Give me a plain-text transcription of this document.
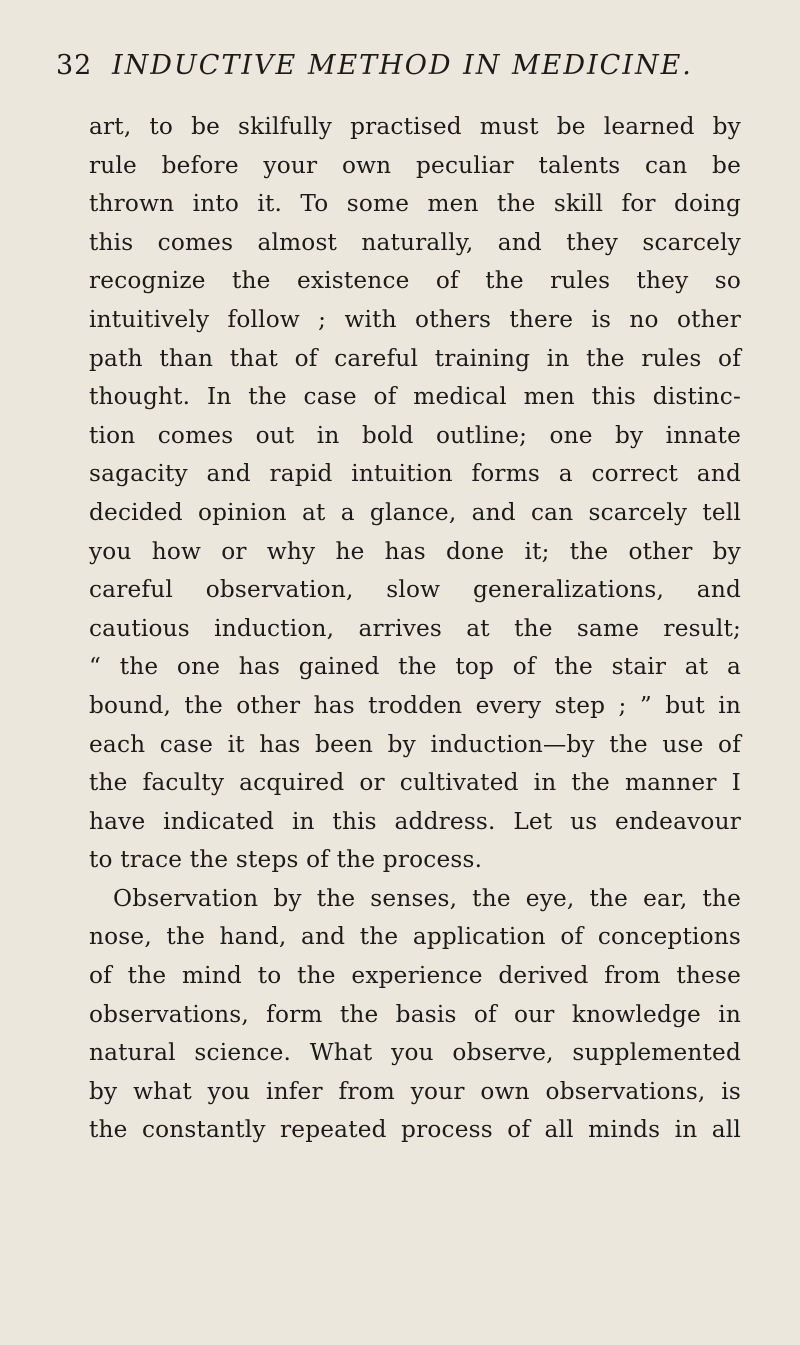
32 INDUCTIVE METHOD IN MEDICINE.
art, to be skilfully practised must be learned by
rule before your own peculiar talents can be
thrown into it. To some men the skill for doing
this comes almost naturally, and they scarcely
recognize the existence of the rules they so
intuitively follow ; with others there is no other
path than that of careful training in the rules of
thought. In the case of medical men this distinc-
tion comes out in bold outline; one by innate
sagacity and rapid intuition forms a correct and
decided opinion at a glance, and can scarcely tell
you how or why he has done it; the other by
careful observation, slow generalizations, and
cautious induction, arrives at the same result;
“ the one has gained the top of the stair at a
bound, the other has trodden every step ; ” but in
each case it has been by induction—by the use of
the faculty acquired or cultivated in the manner I
have indicated in this address. Let us endeavour
to trace the steps of the process.
Observation by the senses, the eye, the ear, the
nose, the hand, and the application of conceptions
of the mind to the experience derived from these
observations, form the basis of our knowledge in
natural science. What you observe, supplemented
by what you infer from your own observations, is
the constantly repeated process of all minds in all
